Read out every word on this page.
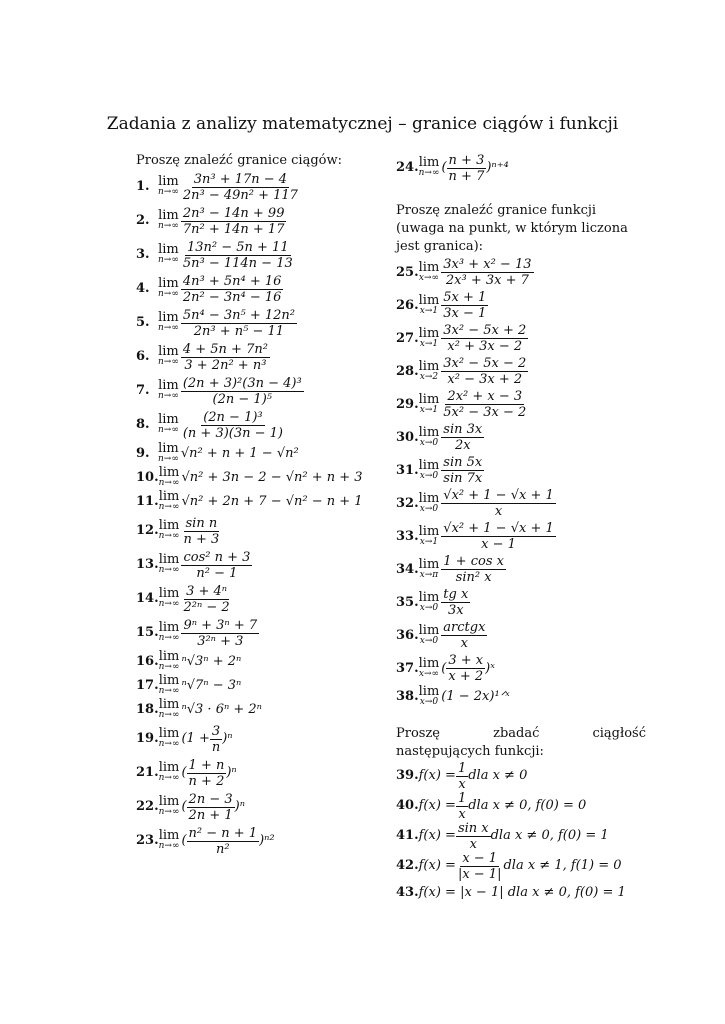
Zadania z analizy matematycznej – granice ciągów i funkcji
Proszę znaleźć granice ciągów:
1. lim
$n\to\infty \frac{\text{3n³ + 17n − 4}}{\text{2n³ − 49n² + 117}}$
2. lim
$n\to\infty \frac{\text{2n³ − 14n + 99}}{\text{7n² + 14n + 17}}$
3. lim
$n\to\infty \frac{\text{13n² − 5n + 11}}{\text{5n³ − 114n − 13}}$
4. lim
$n\to\infty \frac{\text{4n³ + 5n⁴ + 16}}{\text{2n² − 3n⁴ − 16}}$
5. lim
$n\to\infty \frac{\text{5n⁴ − 3n⁵ + 12n²}}{\text{2n³ + n⁵ − 11}}$
6. lim
$n\to\infty \frac{\text{4 + 5n + 7n²}}{\text{3 + 2n² + n³}}$
7. lim
$n\to\infty \frac{\text{(2n + 3)²(3n − 4)³}}{\text{(2n − 1)⁵}}$
8. lim
$n\to\infty \frac{\text{(2n − 1)³}}{(n + 3)(3n - 1)}$
9. lim
n→∞ √n² + n + 1 − √n²
10. lim
n→∞ √n² + 3n − 2 − √n² + n + 3
11. lim
n→∞ √n² + 2n + 7 − √n² − n + 1
12. lim
$n\to\infty \frac{\text{sin n}}{n + 3}$
13. lim
$n\to\infty \frac{\text{cos² n + 3}}{\text{n² − 1}}$
14. lim
$n\to\infty \frac{\text{3 + 4ⁿ}}{\text{2²ⁿ − 2}}$
15. lim
$n\to\infty \frac{\text{9ⁿ + 3ⁿ + 7}}{\text{3²ⁿ + 3}}$
16. lim
n→∞ ⁿ√3ⁿ + 2ⁿ
17. lim
n→∞ ⁿ√7ⁿ − 3ⁿ
18. lim
n→∞ ⁿ√3 · 6ⁿ + 2ⁿ
19. lim
n→∞ $(1 + \frac{3}{n} )^n$
21. lim
n→∞ ( $\frac{1 + n}{n + 2} )^n$
22. lim
n→∞ ( $\frac{2n - 3}{2n + 1} )^n$
23. lim
n→∞ ( $\frac{\text{n² − n + 1}}{\text{n²}} )^{n2}$
24. lim
n→∞ ( $\frac{n + 3}{n + 7} )^{n+4}$
Proszę znaleźć granice funkcji (uwaga na punkt, w którym liczona jest granica):
25. lim
$x\to\infty \frac{\text{3x³ + x² − 13}}{\text{2x³ + 3x + 7}}$
26. lim
$x\to 1 \frac{5x + 1}{3x - 1}$
27. lim
$x\to 1 \frac{\text{3x² − 5x + 2}}{\text{x² + 3x − 2}}$
28. lim
$x\to 2 \frac{\text{3x² − 5x − 2}}{\text{x² − 3x + 2}}$
29. lim
$x\to 1 \frac{\text{2x² + x − 3}}{\text{5x² − 3x − 2}}$
30. lim
$x\to 0 \frac{\sin 3x}{2x}$
31. lim
$x\to 0 \frac{\sin 5x}{\sin 7x}$
32. lim
$x\to 0 \frac{\text{√x² + 1 − √x + 1}}{x}$
33. lim
$x\to 1 \frac{\text{√x² + 1 − √x + 1}}{x - 1}$
34. lim
$x\to\pi \frac{\text{1 + cos x}}{\text{sin² x}}$
35. lim
$x\to 0 \frac{\text{tg x}}{3x}$
36. lim
$x\to 0 \frac{\text{arctgx}}{x}$
37. lim
x→∞ ( $\frac{3 + x}{x + 2}$ )ˣ
38. lim
x→0 (1 − 2x)¹ᐟˣ
Proszę zbadać ciągłość następujących funkcji:
39. $f(x) = \frac{1}{x}$ dla x ≠ 0
40. $f(x) = \frac{1}{x}$ dla x ≠ 0, f(0) = 0
41. $f(x) = \frac{\text{sin x}}{x}$ dla x ≠ 0, f(0) = 1
42. $f(x) = \frac{x - 1}{|x - 1|}$ dla x ≠ 1, f(1) = 0
43. f(x) = |x − 1| dla x ≠ 0, f(0) = 1
